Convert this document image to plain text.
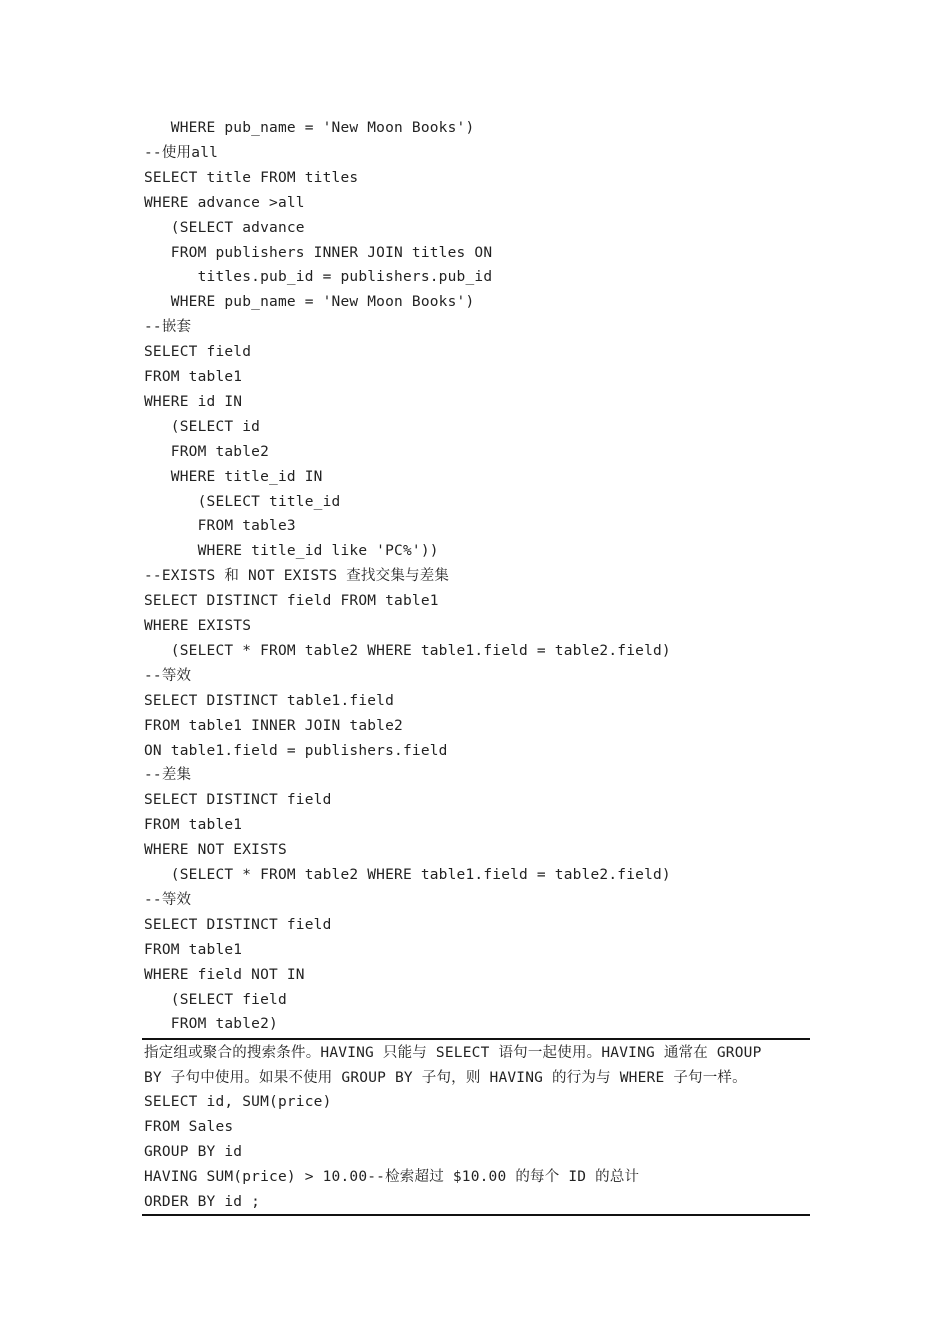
WHERE pub_name = 'New Moon Books')
--使用all
SELECT title FROM titles
WHERE advance >all
(SELECT advance
FROM publishers INNER JOIN titles ON
titles.pub_id = publishers.pub_id
WHERE pub_name = 'New Moon Books')
--嵌套
SELECT field
FROM table1
WHERE id IN
(SELECT id
FROM table2
WHERE title_id IN
(SELECT title_id
FROM table3
WHERE title_id like 'PC%'))
--EXISTS 和 NOT EXISTS 查找交集与差集
SELECT DISTINCT field FROM table1
WHERE EXISTS
(SELECT * FROM table2 WHERE table1.field = table2.field)
--等效
SELECT DISTINCT table1.field
FROM table1 INNER JOIN table2
ON table1.field = publishers.field
--差集
SELECT DISTINCT field
FROM table1
WHERE NOT EXISTS
(SELECT * FROM table2 WHERE table1.field = table2.field)
--等效
SELECT DISTINCT field
FROM table1
WHERE field NOT IN
(SELECT field
FROM table2)
指定组或聚合的搜索条件。HAVING 只能与 SELECT 语句一起使用。HAVING 通常在 GROUP
BY 子句中使用。如果不使用 GROUP BY 子句，则 HAVING 的行为与 WHERE 子句一样。
SELECT id, SUM(price)
FROM Sales
GROUP BY id
HAVING SUM(price) > 10.00--检索超过 $10.00 的每个 ID 的总计
ORDER BY id ;
